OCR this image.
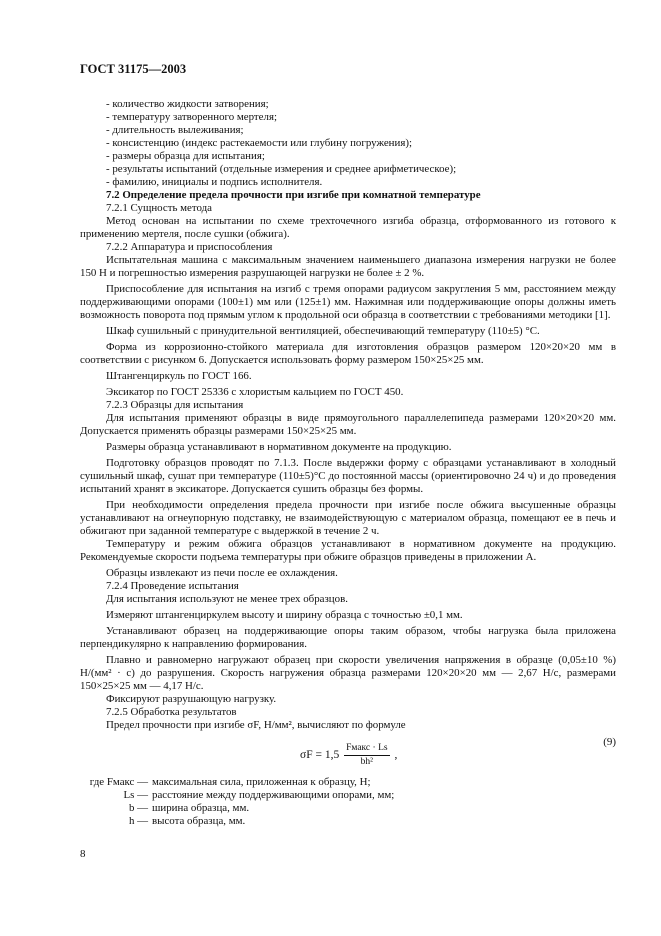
ГОСТ 31175—2003

- количество жидкости затворения;

- температуру затворенного мертеля;

- длительность вылеживания;

- консистенцию (индекс растекаемости или глубину погружения);

- размеры образца для испытания;

- результаты испытаний (отдельные измерения и среднее арифметическое);

- фамилию, инициалы и подпись исполнителя.

7.2 Определение предела прочности при изгибе при комнатной температуре

7.2.1 Сущность метода

Метод основан на испытании по схеме трехточечного изгиба образца, отформованного из готового к применению мертеля, после сушки (обжига).

7.2.2 Аппаратура и приспособления

Испытательная машина с максимальным значением наименьшего диапазона измерения нагрузки не более 150 Н и погрешностью измерения разрушающей нагрузки не более ± 2 %.

Приспособление для испытания на изгиб с тремя опорами радиусом закругления 5 мм, расстоянием между поддерживающими опорами (100±1) мм или (125±1) мм. Нажимная или поддерживающие опоры должны иметь возможность поворота под прямым углом к продольной оси образца в соответствии с требованиями методики [1].

Шкаф сушильный с принудительной вентиляцией, обеспечивающий температуру (110±5) °С.

Форма из коррозионно-стойкого материала для изготовления образцов размером 120×20×20 мм в соответствии с рисунком 6. Допускается использовать форму размером 150×25×25 мм.

Штангенциркуль по ГОСТ 166.

Эксикатор по ГОСТ 25336 с хлористым кальцием по ГОСТ 450.

7.2.3 Образцы для испытания

Для испытания применяют образцы в виде прямоугольного параллелепипеда размерами 120×20×20 мм. Допускается применять образцы размерами 150×25×25 мм.

Размеры образца устанавливают в нормативном документе на продукцию.

Подготовку образцов проводят по 7.1.3. После выдержки форму с образцами устанавливают в холодный сушильный шкаф, сушат при температуре (110±5)°С до постоянной массы (ориентировочно 24 ч) и до проведения испытаний хранят в эксикаторе. Допускается сушить образцы без формы.

При необходимости определения предела прочности при изгибе после обжига высушенные образцы устанавливают на огнеупорную подставку, не взаимодействующую с материалом образца, помещают ее в печь и обжигают при заданной температуре с выдержкой в течение 2 ч.

Температуру и режим обжига образцов устанавливают в нормативном документе на продукцию. Рекомендуемые скорости подъема температуры при обжиге образцов приведены в приложении А.

Образцы извлекают из печи после ее охлаждения.

7.2.4 Проведение испытания

Для испытания используют не менее трех образцов.

Измеряют штангенциркулем высоту и ширину образца с точностью ±0,1 мм.

Устанавливают образец на поддерживающие опоры таким образом, чтобы нагрузка была приложена перпендикулярно к направлению формирования.

Плавно и равномерно нагружают образец при скорости увеличения напряжения в образце (0,05±10 %) Н/(мм² · с) до разрушения. Скорость нагружения образца размерами 120×20×20 мм — 2,67 Н/с, размерами 150×25×25 мм — 4,17 Н/с.

Фиксируют разрушающую нагрузку.

7.2.5 Обработка результатов

Предел прочности при изгибе σF, Н/мм², вычисляют по формуле

$\sigma F = 1,5 \frac{\text{Fмакс · Ls}}{\text{bh²}}$ ,
(9)
где Fмакс — максимальная сила, приложенная к образцу, Н;
Ls — расстояние между поддерживающими опорами, мм;
b — ширина образца, мм.
h — высота образца, мм.
8
